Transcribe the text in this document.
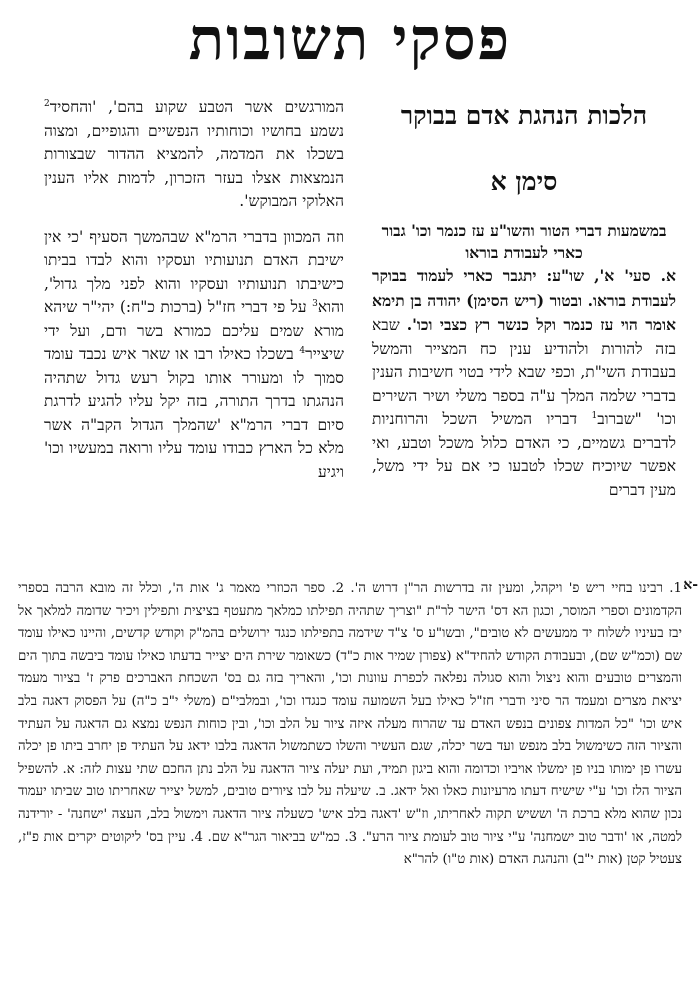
פסקי תשובות
הלכות הנהגת אדם בבוקר
סימן א
במשמעות דברי הטור והשו"ע עז כנמר וכו' גבור כארי לעבודת בוראו

א. סעי' א', שו"ע: יתגבר כארי לעמוד בבוקר לעבודת בוראו. ובטור (ריש הסימן) יהודה בן תימא אומר הוי עז כנמר וקל כנשר רץ כצבי וכו'. שבא בזה להורות ולהודיע ענין כח המצייר והמשל בעבודת השי"ת, וכפי שבא לידי בטוי חשיבות הענין בדברי שלמה המלך ע"ה בספר משלי ושיר השירים וכו' "שברוב$^1$ דבריו המשיל השכל והרוחניות לדברים גשמיים, כי האדם כלול משכל וטבע, ואי אפשר שיוכיח שכלו לטבעו כי אם על ידי משל, מעין דברים

המורגשים אשר הטבע שקוע בהם', 'והחסיד$^2$ נשמע בחושיו וכוחותיו הנפשיים והגופיים, ומצוה בשכלו את המדמה, להמציא ההדור שבצורות הנמצאות אצלו בעזר הזכרון, לדמות אליו הענין האלוקי המבוקש'.

וזה המכוון בדברי הרמ"א שבהמשך הסעיף 'כי אין ישיבת האדם תנועותיו ועסקיו והוא לבדו בביתו כישיבתו תנועותיו ועסקיו והוא לפני מלך גדול', והוא$^3$ על פי דברי חז"ל (ברכות כ"ח:) יהי"ר שיהא מורא שמים עליכם כמורא בשר ודם, ועל ידי שיצייר$^4$ בשכלו כאילו רבו או שאר איש נכבד עומד סמוך לו ומעורר אותו בקול רעש גדול שתהיה הנהגתו בדרך התורה, בזה יקל עליו להגיע לדרגת סיום דברי הרמ"א 'שהמלך הגדול הקב"ה אשר מלא כל הארץ כבודו עומד עליו ורואה במעשיו וכו' ויגיע

א-

1. רבינו בחיי ריש פ' ויקהל, ומעין זה בדרשות הר"ן דרוש ה'. 2. ספר הכוזרי מאמר ג' אות ה', וכלל זה מובא הרבה בספרי הקדמונים וספרי המוסר, וכגון הא דס' הישר לר"ת "וצריך שתהיה תפילתו כמלאך מתעטף בציצית ותפילין ויכיר שדומה למלאך אל יבז בעיניו לשלוח יד ממעשים לא טובים", ובשו"ע ס' צ"ד שידמה בתפילתו כנגד ירושלים בהמ"ק וקודש קדשים, והיינו כאילו עומד שם (וכמ"ש שם), ובעבודת הקודש להחיד"א (צפורן שמיר אות כ"ד) כשאומר שירת הים יצייר בדעתו כאילו עומד ביבשה בתוך הים והמצרים טובעים והוא ניצול והוא סגולה נפלאה לכפרת עוונות וכו', והאריך בזה גם בס' השכחת האברכים פרק ז' בציור מעמד יציאת מצרים ומעמד הר סיני ודברי חז"ל כאילו בעל השמועה עומד כנגדו וכו', ובמלבי"ם (משלי י"ב כ"ה) על הפסוק דאגה בלב איש וכו' "כל המדות צפונים בנפש האדם עד שהרוח מעלה איזה ציור על הלב וכו', ובין כוחות הנפש נמצא גם הדאגה על העתיד והציור הזה כשימשול בלב מנפש ועד בשר יכלה, שגם העשיר והשלו כשתמשול הדאגה בלבו ידאג על העתיד פן יחרב ביתו פן יכלה עשרו פן ימותו בניו פן ימשלו אויביו וכדומה והוא ביגון תמיד, ועת יעלה ציור הדאגה על הלב נתן החכם שתי עצות לזה: א. להשפיל הציור הלז וכו' ע"י שישיח דעתו מרעיונות כאלו ואל ידאג. ב. שיעלה על לבו ציורים טובים, למשל יצייר שאחריתו טוב שביתו יעמוד נכון שהוא מלא ברכת ה' וששיש תקוה לאחריתו, וז"ש 'דאגה בלב איש' כשעלה ציור הדאגה וימשול בלב, העצה 'ישחנה' - יורידנה למטה, או 'ודבר טוב ישמחנה' ע"י ציור טוב לעומת ציור הרע". 3. כמ"ש בביאור הגר"א שם. 4. עיין בס' ליקוטים יקרים אות פ"ז, צעטיל קטן (אות י"ב) והנהגת האדם (אות ט"ו) להר"א
